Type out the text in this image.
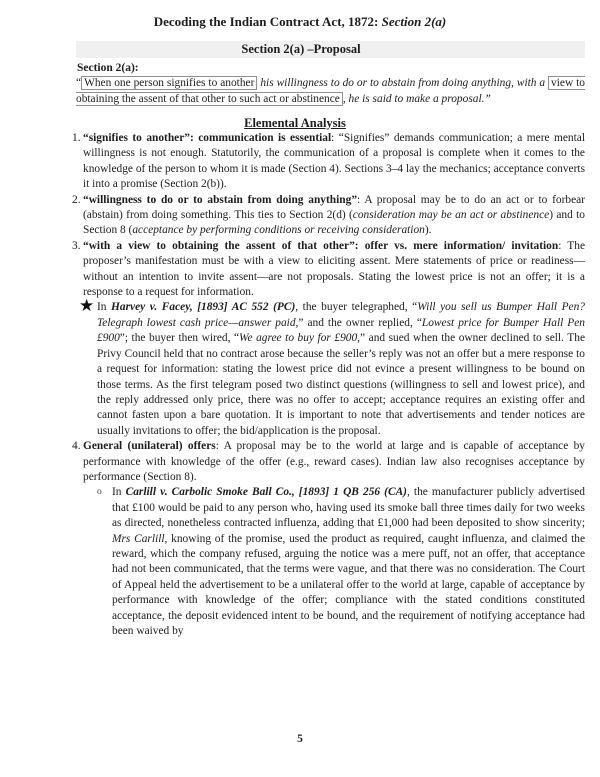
Decoding the Indian Contract Act, 1872: Section 2(a)
Section 2(a) –Proposal
Section 2(a):

“ When one person signifies to another his willingness to do or to abstain from doing anything, with a view to obtaining the assent of that other to such act or abstinence , he is said to make a proposal.”

Elemental Analysis
1. “signifies to another”: communication is essential: “Signifies” demands communication; a mere mental willingness is not enough. Statutorily, the communication of a proposal is complete when it comes to the knowledge of the person to whom it is made (Section 4). Sections 3–4 lay the mechanics; acceptance converts it into a promise (Section 2(b)).
2. “willingness to do or to abstain from doing anything”: A proposal may be to do an act or to forbear (abstain) from doing something. This ties to Section 2(d) (consideration may be an act or abstinence) and to Section 8 (acceptance by performing conditions or receiving consideration).
3. “with a view to obtaining the assent of that other”: offer vs. mere information/ invitation: The proposer’s manifestation must be with a view to eliciting assent. Mere statements of price or readiness—without an intention to invite assent—are not proposals. Stating the lowest price is not an offer; it is a response to a request for information.
★ In Harvey v. Facey, [1893] AC 552 (PC), the buyer telegraphed, “Will you sell us Bumper Hall Pen? Telegraph lowest cash price—answer paid,” and the owner replied, “Lowest price for Bumper Hall Pen £900”; the buyer then wired, “We agree to buy for £900,” and sued when the owner declined to sell. The Privy Council held that no contract arose because the seller’s reply was not an offer but a mere response to a request for information: stating the lowest price did not evince a present willingness to be bound on those terms. As the first telegram posed two distinct questions (willingness to sell and lowest price), and the reply addressed only price, there was no offer to accept; acceptance requires an existing offer and cannot fasten upon a bare quotation. It is important to note that advertisements and tender notices are usually invitations to offer; the bid/application is the proposal.
4. General (unilateral) offers: A proposal may be to the world at large and is capable of acceptance by performance with knowledge of the offer (e.g., reward cases). Indian law also recognises acceptance by performance (Section 8).
o In Carlill v. Carbolic Smoke Ball Co., [1893] 1 QB 256 (CA), the manufacturer publicly advertised that £100 would be paid to any person who, having used its smoke ball three times daily for two weeks as directed, nonetheless contracted influenza, adding that £1,000 had been deposited to show sincerity; Mrs Carlill, knowing of the promise, used the product as required, caught influenza, and claimed the reward, which the company refused, arguing the notice was a mere puff, not an offer, that acceptance had not been communicated, that the terms were vague, and that there was no consideration. The Court of Appeal held the advertisement to be a unilateral offer to the world at large, capable of acceptance by performance with knowledge of the offer; compliance with the stated conditions constituted acceptance, the deposit evidenced intent to be bound, and the requirement of notifying acceptance had been waived by
5
